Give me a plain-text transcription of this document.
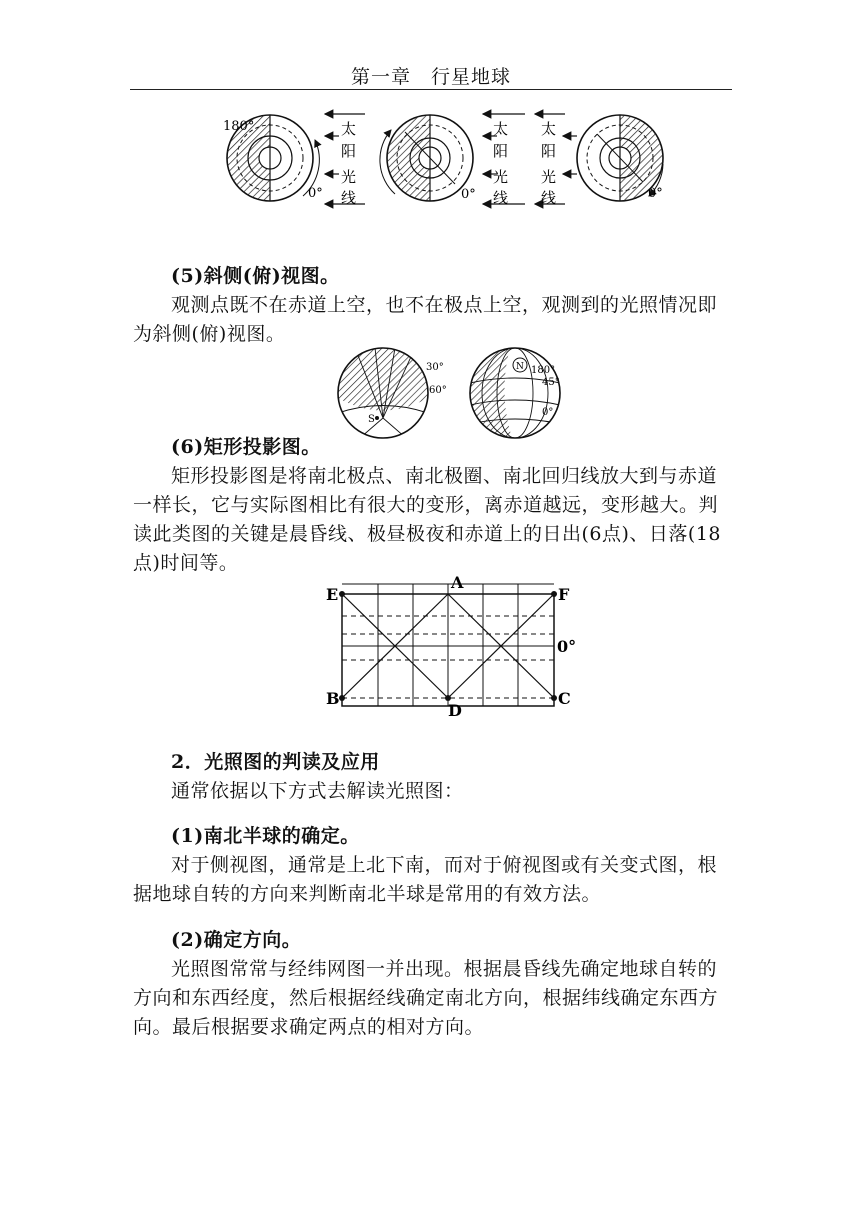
第一章　行星地球
180°
0°
太
阳
光
线	0°
太
阳
光
线
太
阳
光
线	0°
(5)斜侧(俯)视图。
观测点既不在赤道上空，也不在极点上空，观测到的光照情况即为斜侧(俯)视图。
30°
60°
S
N 180°
45°
0°
(6)矩形投影图。
矩形投影图是将南北极点、南北极圈、南北回归线放大到与赤道一样长，它与实际图相比有很大的变形，离赤道越远，变形越大。判读此类图的关键是晨昏线、极昼极夜和赤道上的日出(6点)、日落(18点)时间等。
E
A
F
0°
B
D
C
2．光照图的判读及应用
通常依据以下方式去解读光照图：
(1)南北半球的确定。
对于侧视图，通常是上北下南，而对于俯视图或有关变式图，根据地球自转的方向来判断南北半球是常用的有效方法。
(2)确定方向。
光照图常常与经纬网图一并出现。根据晨昏线先确定地球自转的方向和东西经度，然后根据经线确定南北方向，根据纬线确定东西方向。最后根据要求确定两点的相对方向。
